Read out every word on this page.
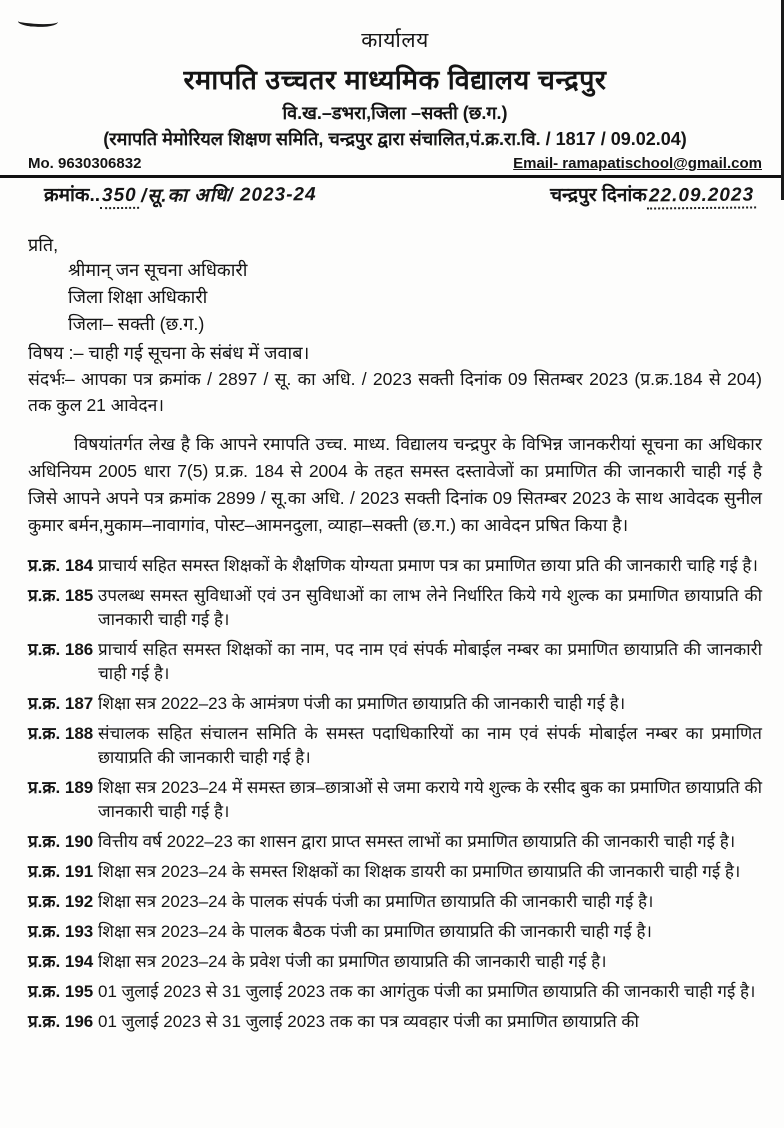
कार्यालय
रमापति उच्चतर माध्यमिक विद्यालय चन्द्रपुर
वि.ख.–डभरा,जिला –सक्ती (छ.ग.)
(रमापति मेमोरियल शिक्षण समिति, चन्द्रपुर द्वारा संचालित,पं.क्र.रा.वि. / 1817 / 09.02.04)
Mo. 9630306832	Email- ramapatischool@gmail.com
क्रमांक..350 /सू.का अधि/ 2023-24	चन्द्रपुर दिनांक22.09.2023
प्रति,
श्रीमान् जन सूचना अधिकारी
जिला शिक्षा अधिकारी
जिला– सक्ती (छ.ग.)
विषय :– चाही गई सूचना के संबंध में जवाब।
संदर्भः– आपका पत्र क्रमांक / 2897 / सू. का अधि. / 2023 सक्ती दिनांक 09 सितम्बर 2023 (प्र.क्र.184 से 204) तक कुल 21 आवेदन।

विषयांतर्गत लेख है कि आपने रमापति उच्च. माध्य. विद्यालय चन्द्रपुर के विभिन्न जानकरीयां सूचना का अधिकार अधिनियम 2005 धारा 7(5) प्र.क्र. 184 से 2004 के तहत समस्त दस्तावेजों का प्रमाणित की जानकारी चाही गई है जिसे आपने अपने पत्र क्रमांक 2899 / सू.का अधि. / 2023 सक्ती दिनांक 09 सितम्बर 2023 के साथ आवेदक सुनील कुमार बर्मन,मुकाम–नावागांव, पोस्ट–आमनदुला, व्याहा–सक्ती (छ.ग.) का आवेदन प्रषित किया है।

प्र.क्र. 184 प्राचार्य सहित समस्त शिक्षकों के शैक्षणिक योग्यता प्रमाण पत्र का प्रमाणित छाया प्रति की जानकारी चाहि गई है।
प्र.क्र. 185 उपलब्ध समस्त सुविधाओं एवं उन सुविधाओं का लाभ लेने निर्धारित किये गये शुल्क का प्रमाणित छायाप्रति की जानकारी चाही गई है।
प्र.क्र. 186 प्राचार्य सहित समस्त शिक्षकों का नाम, पद नाम एवं संपर्क मोबाईल नम्बर का प्रमाणित छायाप्रति की जानकारी चाही गई है।
प्र.क्र. 187 शिक्षा सत्र 2022–23 के आमंत्रण पंजी का प्रमाणित छायाप्रति की जानकारी चाही गई है।
प्र.क्र. 188 संचालक सहित संचालन समिति के समस्त पदाधिकारियों का नाम एवं संपर्क मोबाईल नम्बर का प्रमाणित छायाप्रति की जानकारी चाही गई है।
प्र.क्र. 189 शिक्षा सत्र 2023–24 में समस्त छात्र–छात्राओं से जमा कराये गये शुल्क के रसीद बुक का प्रमाणित छायाप्रति की जानकारी चाही गई है।
प्र.क्र. 190 वित्तीय वर्ष 2022–23 का शासन द्वारा प्राप्त समस्त लाभों का प्रमाणित छायाप्रति की जानकारी चाही गई है।
प्र.क्र. 191 शिक्षा सत्र 2023–24 के समस्त शिक्षकों का शिक्षक डायरी का प्रमाणित छायाप्रति की जानकारी चाही गई है।
प्र.क्र. 192 शिक्षा सत्र 2023–24 के पालक संपर्क पंजी का प्रमाणित छायाप्रति की जानकारी चाही गई है।
प्र.क्र. 193 शिक्षा सत्र 2023–24 के पालक बैठक पंजी का प्रमाणित छायाप्रति की जानकारी चाही गई है।
प्र.क्र. 194 शिक्षा सत्र 2023–24 के प्रवेश पंजी का प्रमाणित छायाप्रति की जानकारी चाही गई है।
प्र.क्र. 195 01 जुलाई 2023 से 31 जुलाई 2023 तक का आगंतुक पंजी का प्रमाणित छायाप्रति की जानकारी चाही गई है।
प्र.क्र. 196 01 जुलाई 2023 से 31 जुलाई 2023 तक का पत्र व्यवहार पंजी का प्रमाणित छायाप्रति की
